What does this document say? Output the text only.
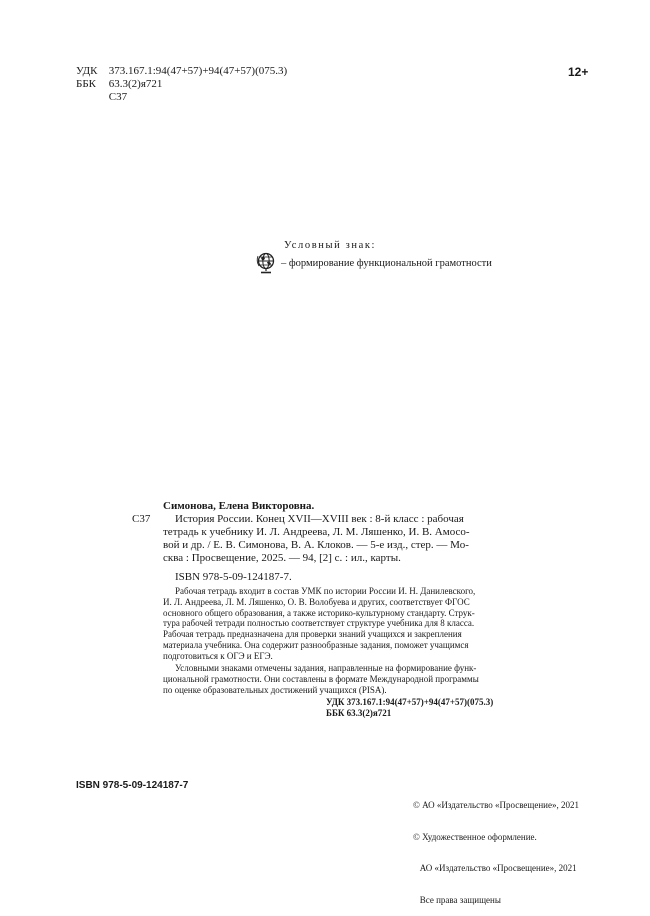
УДК 373.167.1:94(47+57)+94(47+57)(075.3)
ББК 63.3(2)я721
С37
12+
Условный знак:
– формирование функциональной грамотности
Симонова, Елена Викторовна.
С37	История России. Конец XVII—XVIII век : 8-й класс : рабочая
тетрадь к учебнику И. Л. Андреева, Л. М. Ляшенко, И. В. Амосо-
вой и др. / Е. В. Симонова, В. А. Клоков. — 5-е изд., стер. — Мо-
сква : Просвещение, 2025. — 94, [2] с. : ил., карты.
ISBN 978-5-09-124187-7.
Рабочая тетрадь входит в состав УМК по истории России И. Н. Данилевского,
И. Л. Андреева, Л. М. Ляшенко, О. В. Волобуева и других, соответствует ФГОС
основного общего образования, а также историко-культурному стандарту. Струк-
тура рабочей тетради полностью соответствует структуре учебника для 8 класса.
Рабочая тетрадь предназначена для проверки знаний учащихся и закрепления
материала учебника. Она содержит разнообразные задания, поможет учащимся
подготовиться к ОГЭ и ЕГЭ.
Условными знаками отмечены задания, направленные на формирование функ-
циональной грамотности. Они составлены в формате Международной программы
по оценке образовательных достижений учащихся (PISA).
УДК 373.167.1:94(47+57)+94(47+57)(075.3)
ББК 63.3(2)я721
ISBN 978-5-09-124187-7

© АО «Издательство «Просвещение», 2021

© Художественное оформление.

АО «Издательство «Просвещение», 2021

Все права защищены
